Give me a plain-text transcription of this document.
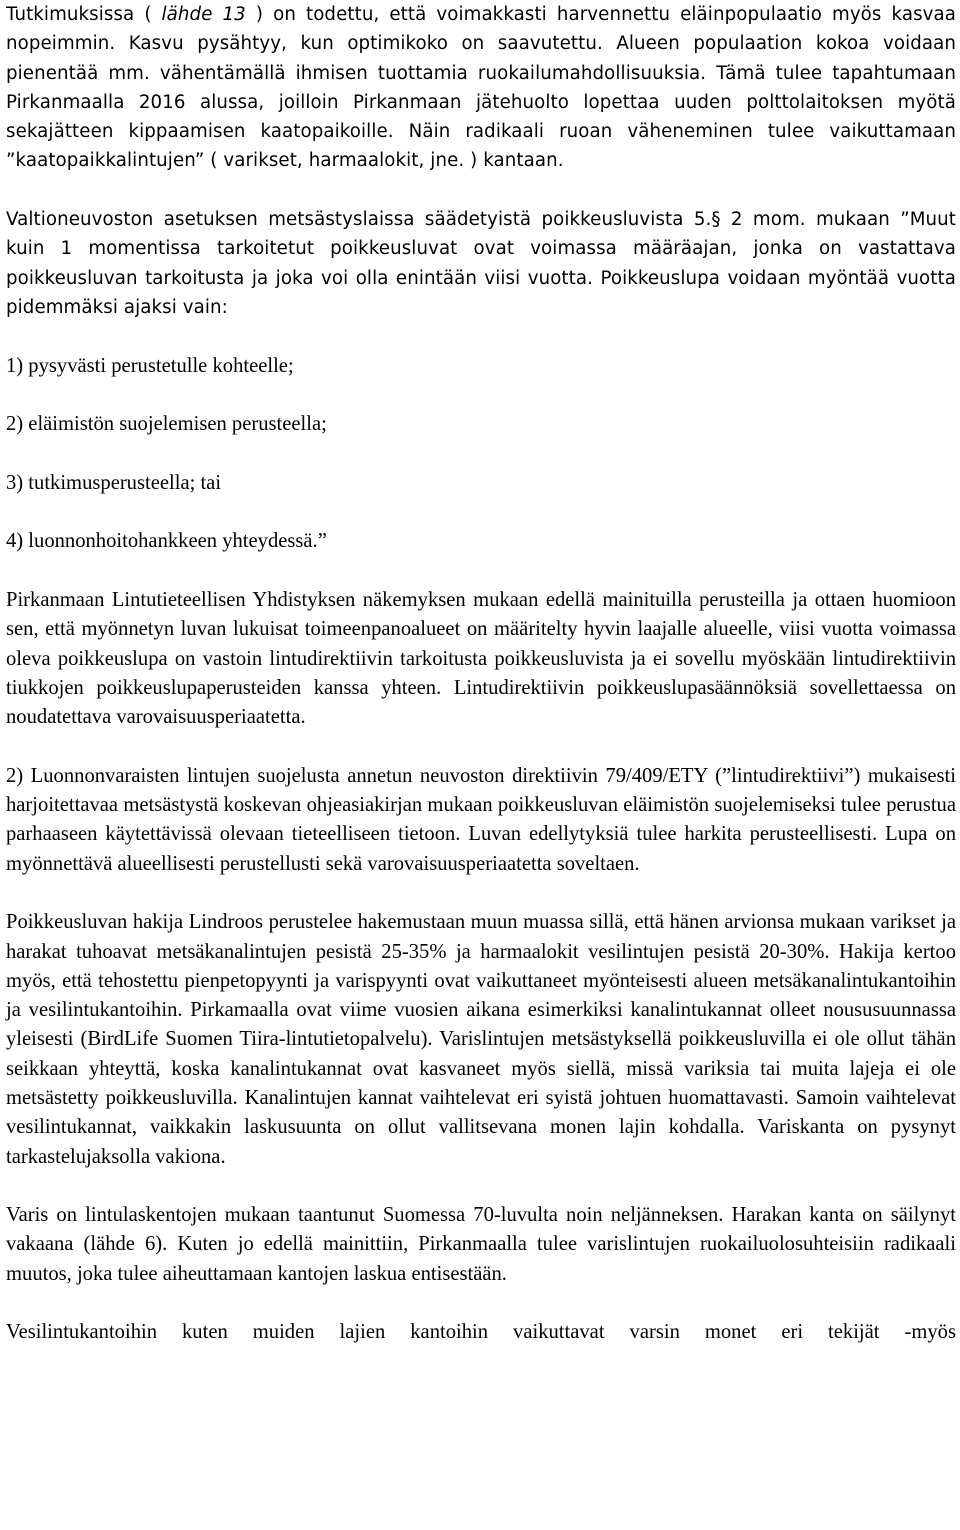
Tutkimuksissa ( lähde 13 ) on todettu, että voimakkasti harvennettu eläinpopulaatio myös kasvaa nopeimmin. Kasvu pysähtyy, kun optimikoko on saavutettu. Alueen populaation kokoa voidaan pienentää mm. vähentämällä ihmisen tuottamia ruokailumahdollisuuksia. Tämä tulee tapahtumaan Pirkanmaalla 2016 alussa, joilloin Pirkanmaan jätehuolto lopettaa uuden polttolaitoksen myötä sekajätteen kippaamisen kaatopaikoille. Näin radikaali ruoan väheneminen tulee vaikuttamaan ”kaatopaikkalintujen” ( varikset, harmaalokit, jne. ) kantaan.

Valtioneuvoston asetuksen metsästyslaissa säädetyistä poikkeusluvista 5.§ 2 mom. mukaan ”Muut kuin 1 momentissa tarkoitetut poikkeusluvat ovat voimassa määräajan, jonka on vastattava poikkeusluvan tarkoitusta ja joka voi olla enintään viisi vuotta. Poikkeuslupa voidaan myöntää vuotta pidemmäksi ajaksi vain:

1) pysyvästi perustetulle kohteelle;

2) eläimistön suojelemisen perusteella;

3) tutkimusperusteella; tai

4) luonnonhoitohankkeen yhteydessä.”

Pirkanmaan Lintutieteellisen Yhdistyksen näkemyksen mukaan edellä mainituilla perusteilla ja ottaen huomioon sen, että myönnetyn luvan lukuisat toimeenpanoalueet on määritelty hyvin laajalle alueelle, viisi vuotta voimassa oleva poikkeuslupa on vastoin lintudirektiivin tarkoitusta poikkeusluvista ja ei sovellu myöskään lintudirektiivin tiukkojen poikkeuslupaperusteiden kanssa yhteen. Lintudirektiivin poikkeuslupasäännöksiä sovellettaessa on noudatettava varovaisuusperiaatetta.

2) Luonnonvaraisten lintujen suojelusta annetun neuvoston direktiivin 79/409/ETY (”lintudirektiivi”) mukaisesti harjoitettavaa metsästystä koskevan ohjeasiakirjan mukaan poikkeusluvan eläimistön suojelemiseksi tulee perustua parhaaseen käytettävissä olevaan tieteelliseen tietoon. Luvan edellytyksiä tulee harkita perusteellisesti. Lupa on myönnettävä alueellisesti perustellusti sekä varovaisuusperiaatetta soveltaen.

Poikkeusluvan hakija Lindroos perustelee hakemustaan muun muassa sillä, että hänen arvionsa mukaan varikset ja harakat tuhoavat metsäkanalintujen pesistä 25-35% ja harmaalokit vesilintujen pesistä 20-30%. Hakija kertoo myös, että tehostettu pienpetopyynti ja varispyynti ovat vaikuttaneet myönteisesti alueen metsäkanalintukantoihin ja vesilintukantoihin. Pirkamaalla ovat viime vuosien aikana esimerkiksi kanalintukannat olleet noususuunnassa yleisesti (BirdLife Suomen Tiira-lintutietopalvelu). Varislintujen metsästyksellä poikkeusluvilla ei ole ollut tähän seikkaan yhteyttä, koska kanalintukannat ovat kasvaneet myös siellä, missä variksia tai muita lajeja ei ole metsästetty poikkeusluvilla. Kanalintujen kannat vaihtelevat eri syistä johtuen huomattavasti. Samoin vaihtelevat vesilintukannat, vaikkakin laskusuunta on ollut vallitsevana monen lajin kohdalla. Variskanta on pysynyt tarkastelujaksolla vakiona.

Varis on lintulaskentojen mukaan taantunut Suomessa 70-luvulta noin neljänneksen. Harakan kanta on säilynyt vakaana (lähde 6). Kuten jo edellä mainittiin, Pirkanmaalla tulee varislintujen ruokailuolosuhteisiin radikaali muutos, joka tulee aiheuttamaan kantojen laskua entisestään.

Vesilintukantoihin kuten muiden lajien kantoihin vaikuttavat varsin monet eri tekijät -myös
